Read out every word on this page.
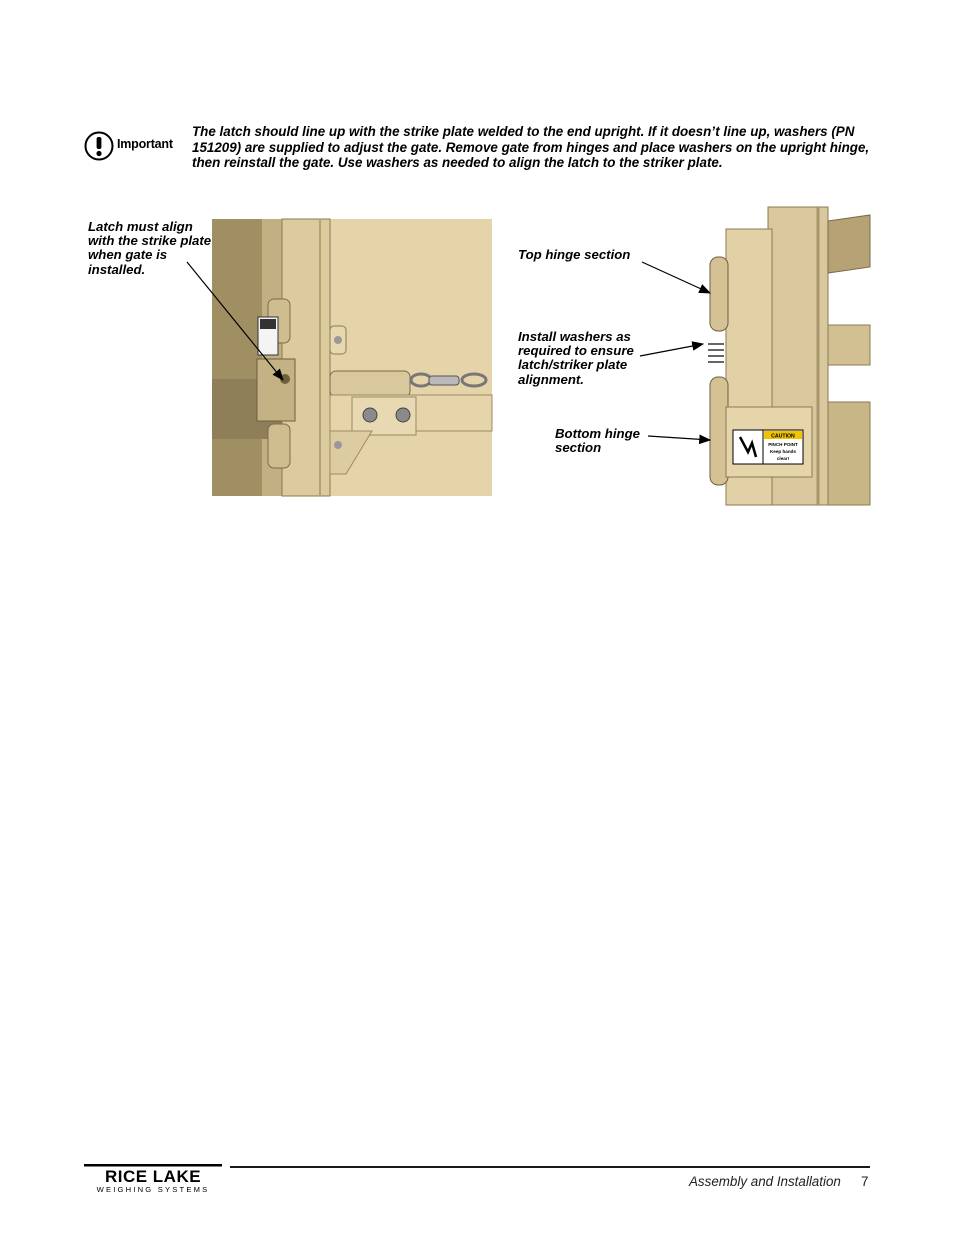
Important
The latch should line up with the strike plate welded to the end upright. If it doesn’t line up, washers (PN 151209) are supplied to adjust the gate. Remove gate from hinges and place washers on the upright hinge, then reinstall the gate. Use washers as needed to align the latch to the striker plate.
CAUTION
PINCH POINT
Keep hands
clear!
Latch must align with the strike plate when gate is installed.
Top hinge section
Install washers as required to ensure latch/striker plate alignment.
Bottom hinge section
RICE LAKE
WEIGHING SYSTEMS
Assembly and Installation 7
